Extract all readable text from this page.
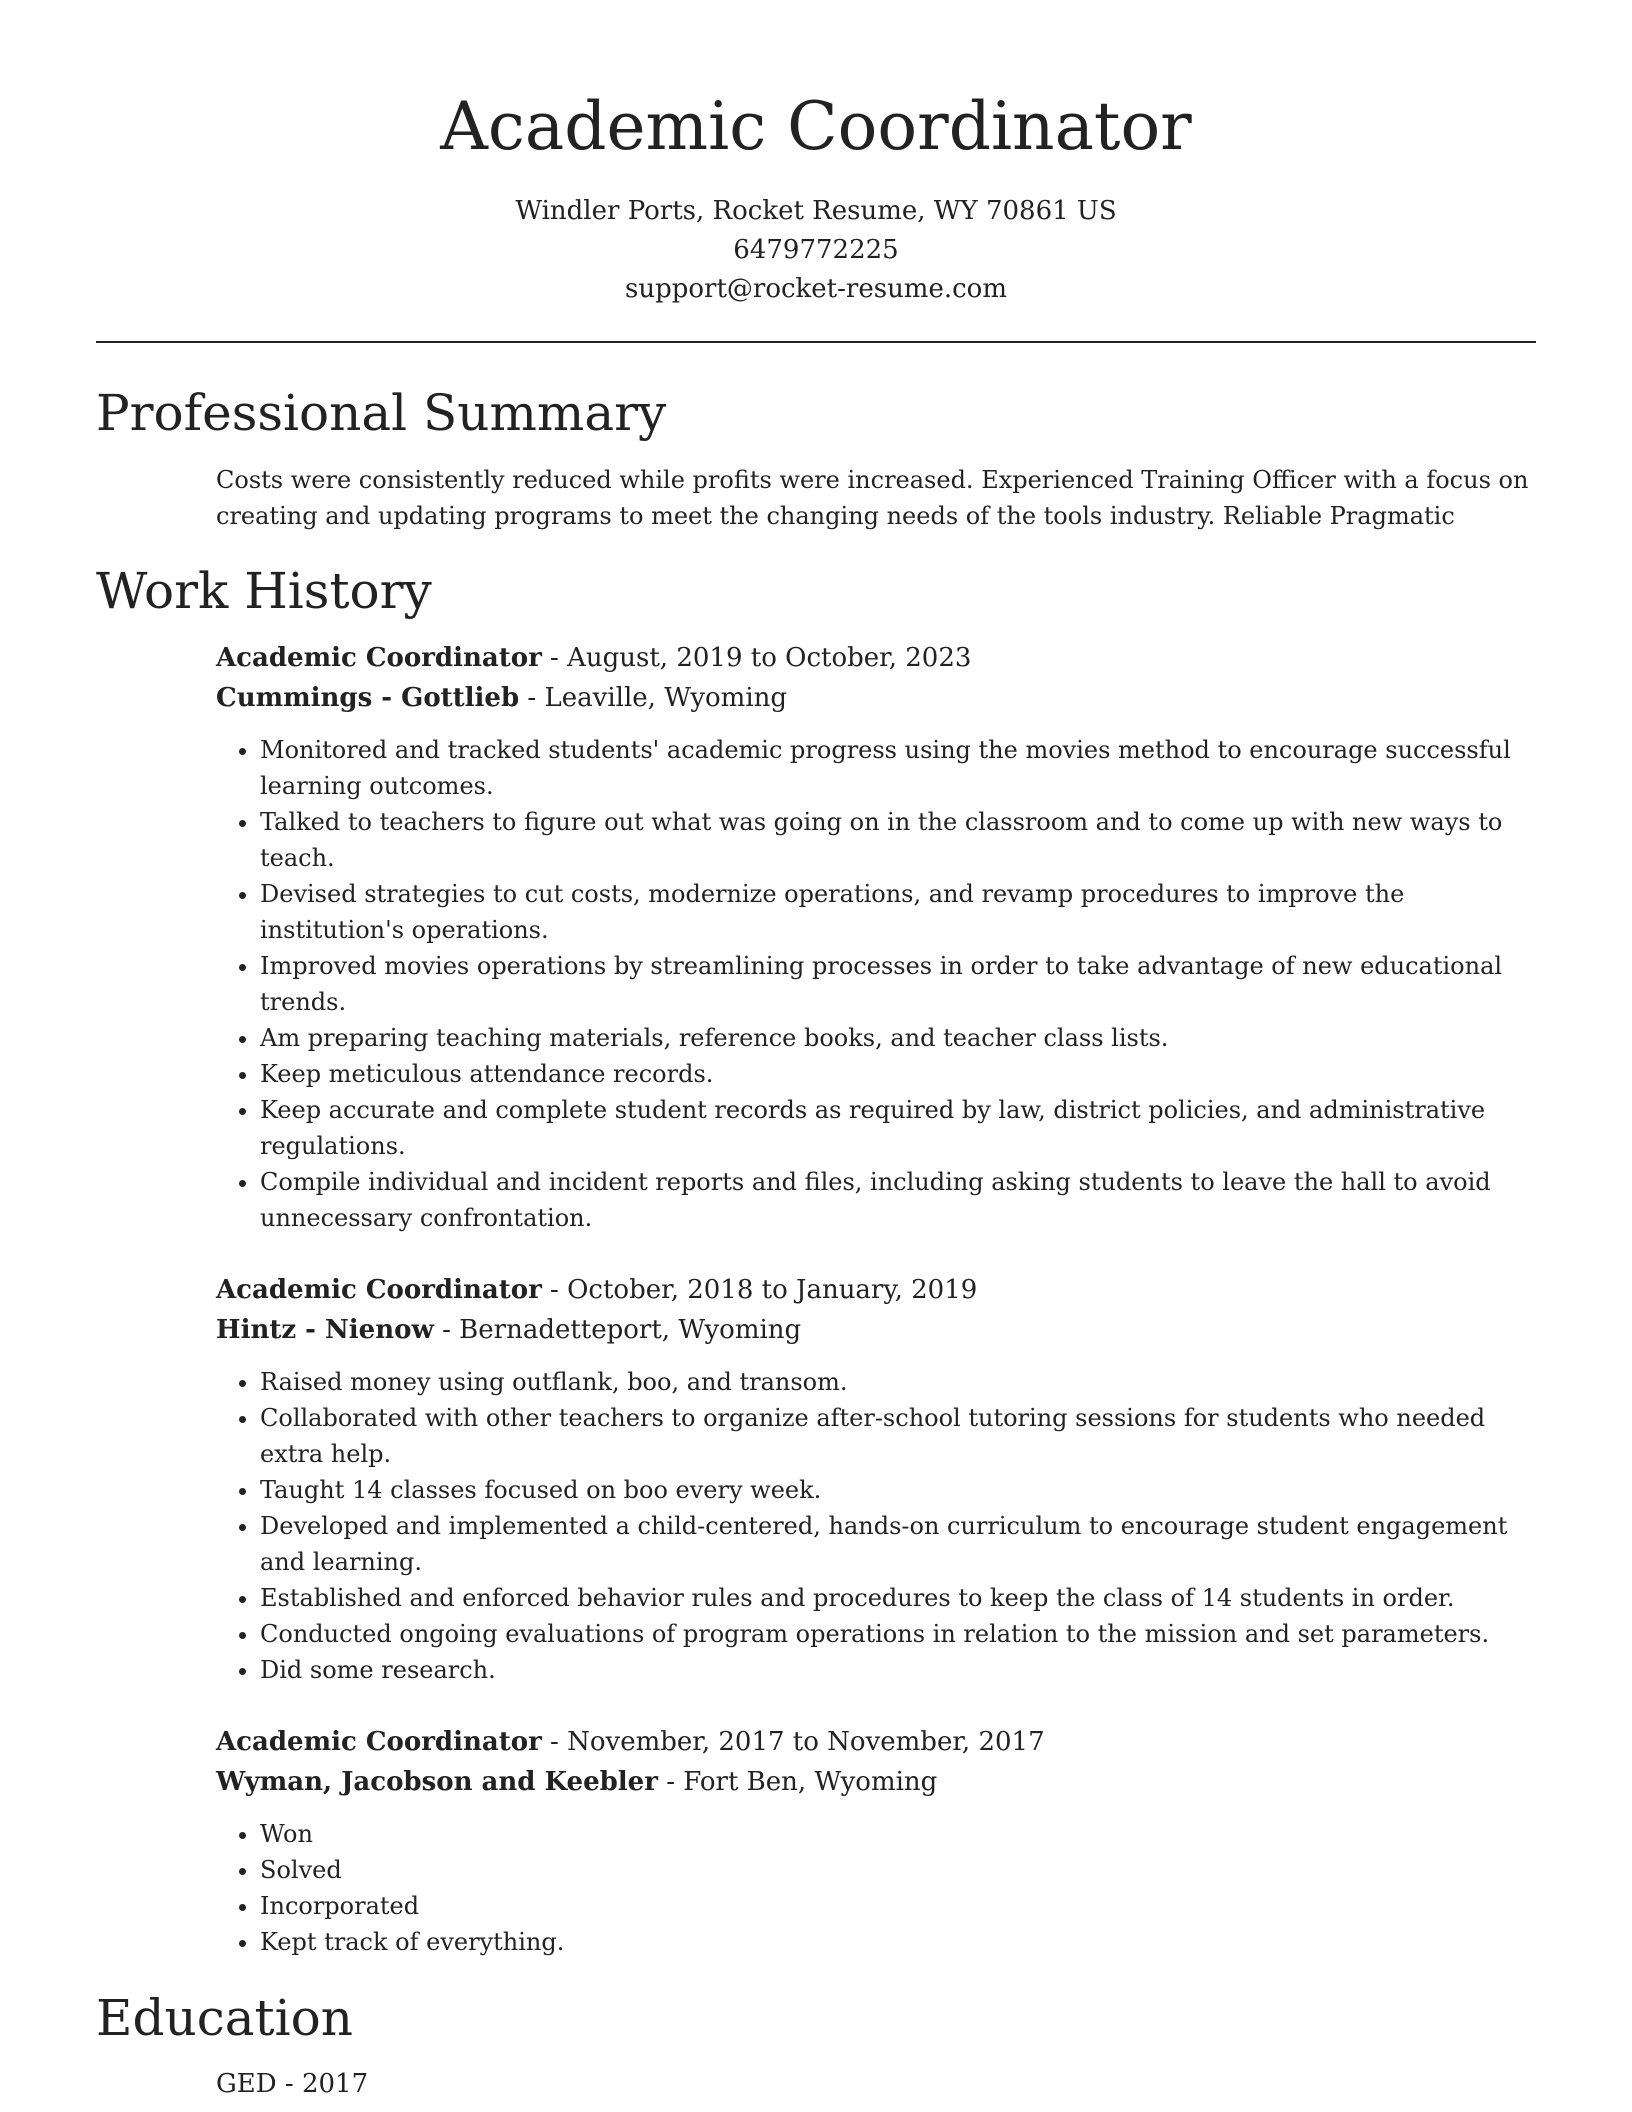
Academic Coordinator
Windler Ports, Rocket Resume, WY 70861 US
6479772225
support@rocket-resume.com
Professional Summary
Costs were consistently reduced while profits were increased. Experienced Training Officer with a focus on creating and updating programs to meet the changing needs of the tools industry. Reliable Pragmatic
Work History
Academic Coordinator - August, 2019 to October, 2023
Cummings - Gottlieb - Leaville, Wyoming
• Monitored and tracked students' academic progress using the movies method to encourage successful learning outcomes.
• Talked to teachers to figure out what was going on in the classroom and to come up with new ways to teach.
• Devised strategies to cut costs, modernize operations, and revamp procedures to improve the institution's operations.
• Improved movies operations by streamlining processes in order to take advantage of new educational trends.
• Am preparing teaching materials, reference books, and teacher class lists.
• Keep meticulous attendance records.
• Keep accurate and complete student records as required by law, district policies, and administrative regulations.
• Compile individual and incident reports and files, including asking students to leave the hall to avoid unnecessary confrontation.
Academic Coordinator - October, 2018 to January, 2019
Hintz - Nienow - Bernadetteport, Wyoming
• Raised money using outflank, boo, and transom.
• Collaborated with other teachers to organize after-school tutoring sessions for students who needed extra help.
• Taught 14 classes focused on boo every week.
• Developed and implemented a child-centered, hands-on curriculum to encourage student engagement and learning.
• Established and enforced behavior rules and procedures to keep the class of 14 students in order.
• Conducted ongoing evaluations of program operations in relation to the mission and set parameters.
• Did some research.
Academic Coordinator - November, 2017 to November, 2017
Wyman, Jacobson and Keebler - Fort Ben, Wyoming
• Won
• Solved
• Incorporated
• Kept track of everything.
Education
GED - 2017
